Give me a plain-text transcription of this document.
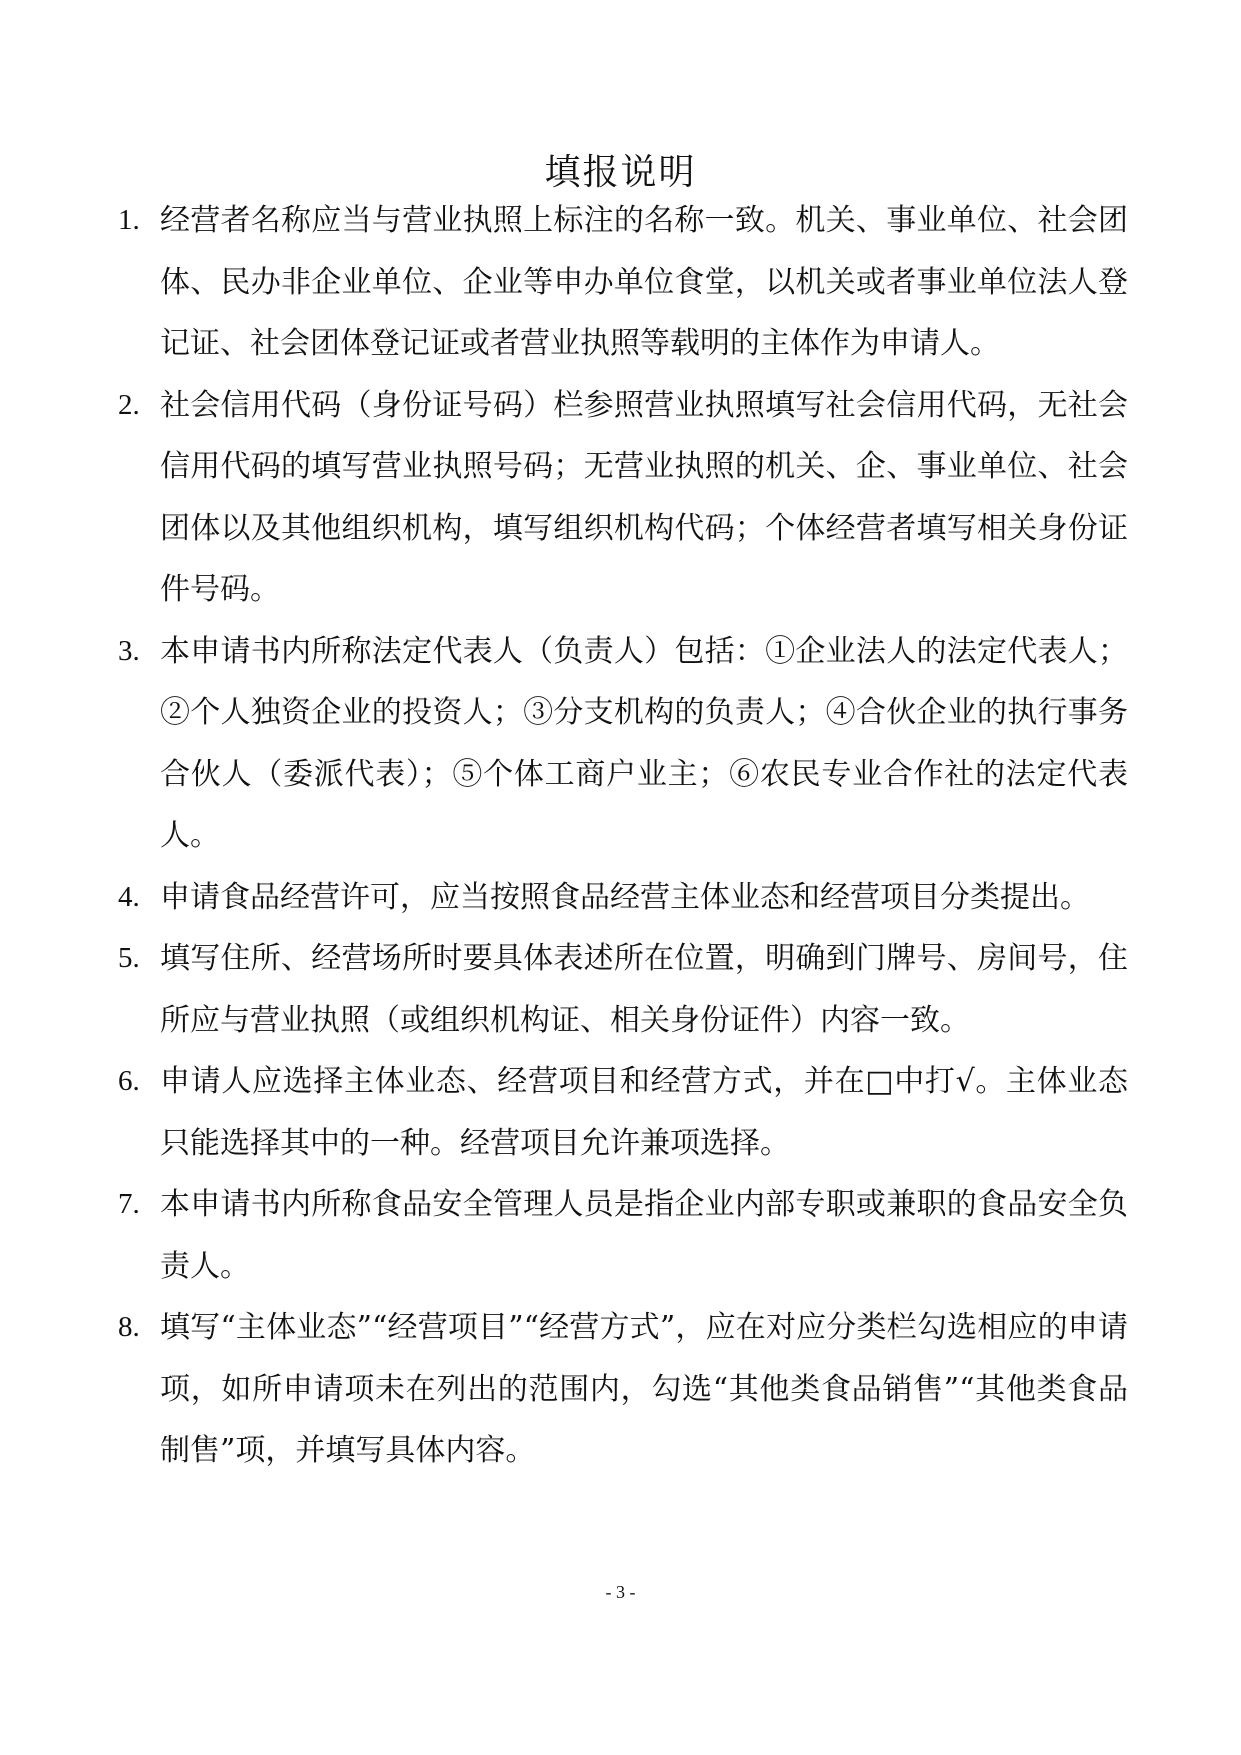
填报说明
1. 经营者名称应当与营业执照上标注的名称一致。机关、事业单位、社会团体、民办非企业单位、企业等申办单位食堂，以机关或者事业单位法人登记证、社会团体登记证或者营业执照等载明的主体作为申请人。
2. 社会信用代码（身份证号码）栏参照营业执照填写社会信用代码，无社会信用代码的填写营业执照号码；无营业执照的机关、企、事业单位、社会团体以及其他组织机构，填写组织机构代码；个体经营者填写相关身份证件号码。
3. 本申请书内所称法定代表人（负责人）包括：①企业法人的法定代表人；②个人独资企业的投资人；③分支机构的负责人；④合伙企业的执行事务合伙人（委派代表）；⑤个体工商户业主；⑥农民专业合作社的法定代表人。
4. 申请食品经营许可，应当按照食品经营主体业态和经营项目分类提出。
5. 填写住所、经营场所时要具体表述所在位置，明确到门牌号、房间号，住所应与营业执照（或组织机构证、相关身份证件）内容一致。
6. 申请人应选择主体业态、经营项目和经营方式，并在□中打√。主体业态只能选择其中的一种。经营项目允许兼项选择。
7. 本申请书内所称食品安全管理人员是指企业内部专职或兼职的食品安全负责人。
8. 填写“主体业态”“经营项目”“经营方式”，应在对应分类栏勾选相应的申请项，如所申请项未在列出的范围内，勾选“其他类食品销售”“其他类食品制售”项，并填写具体内容。
- 3 -
